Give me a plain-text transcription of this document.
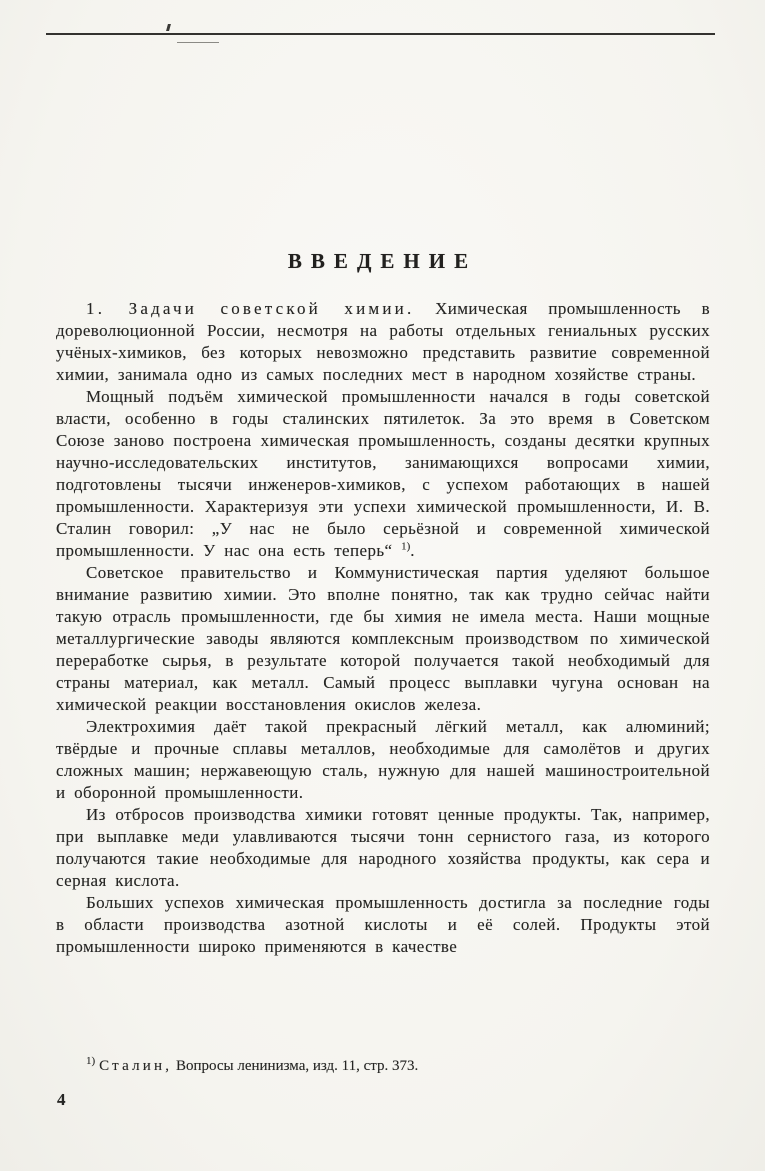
ВВЕДЕНИЕ

1. Задачи советской химии. Химическая промышленность в дореволюционной России, несмотря на работы отдельных гениальных русских учёных-химиков, без которых невозможно представить развитие современной химии, занимала одно из самых последних мест в народном хозяйстве страны.

Мощный подъём химической промышленности начался в годы советской власти, особенно в годы сталинских пятилеток. За это время в Советском Союзе заново построена химическая промышленность, созданы десятки крупных научно-исследовательских институтов, занимающихся вопросами химии, подготовлены тысячи инженеров-химиков, с успехом работающих в нашей промышленности. Характеризуя эти успехи химической промышленности, И. В. Сталин говорил: „У нас не было серьёзной и современной химической промышленности. У нас она есть теперь“ $^{1)}$.

Советское правительство и Коммунистическая партия уделяют большое внимание развитию химии. Это вполне понятно, так как трудно сейчас найти такую отрасль промышленности, где бы химия не имела места. Наши мощные металлургические заводы являются комплексным производством по химической переработке сырья, в результате которой получается такой необходимый для страны материал, как металл. Самый процесс выплавки чугуна основан на химической реакции восстановления окислов железа.

Электрохимия даёт такой прекрасный лёгкий металл, как алюминий; твёрдые и прочные сплавы металлов, необходимые для самолётов и других сложных машин; нержавеющую сталь, нужную для нашей машиностроительной и оборонной промышленности.

Из отбросов производства химики готовят ценные продукты. Так, например, при выплавке меди улавливаются тысячи тонн сернистого газа, из которого получаются такие необходимые для народного хозяйства продукты, как сера и серная кислота.

Больших успехов химическая промышленность достигла за последние годы в области производства азотной кислоты и её солей. Продукты этой промышленности широко применяются в качестве

$^{1)}$ Сталин, Вопросы ленинизма, изд. 11, стр. 373.
4
